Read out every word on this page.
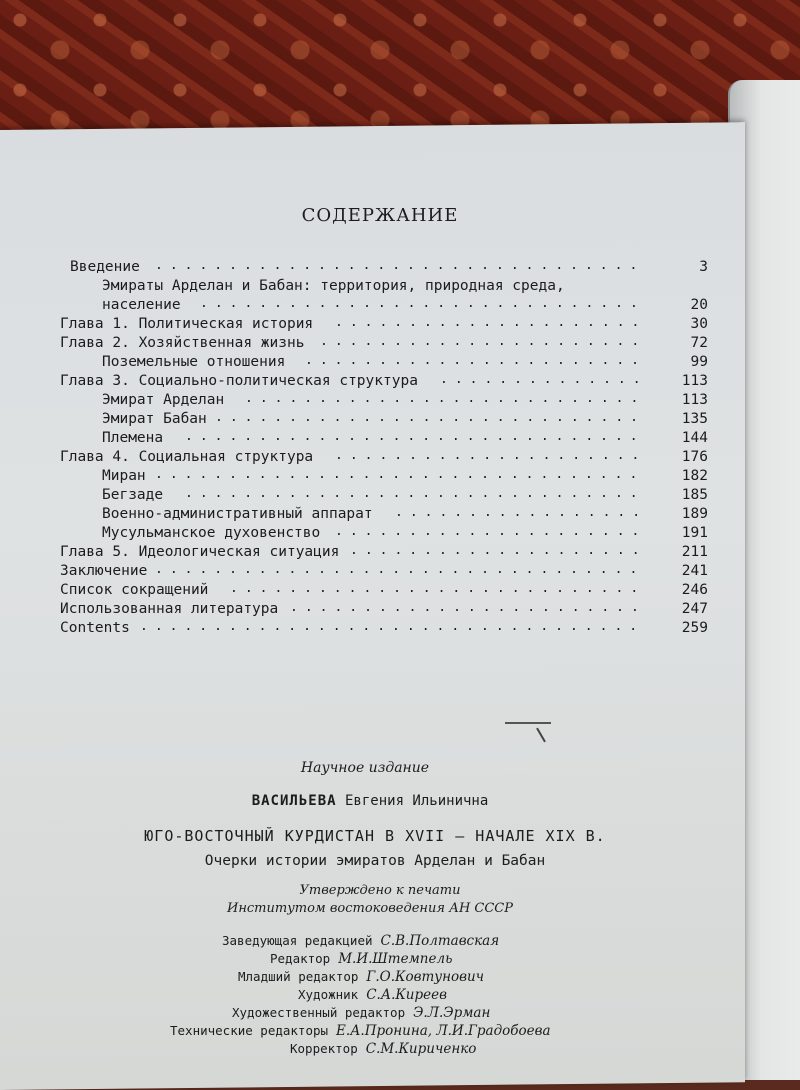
СОДЕРЖАНИЕ
Введение .................................	3
Эмираты Арделан и Бабан: территория, природная среда,
население ..............................	20
Глава 1. Политическая история .....................	30
Глава 2. Хозяйственная жизнь ......................	72
Поземельные отношения .......................	99
Глава 3. Социально-политическая структура .............. 113
Эмират Арделан ...........................	113
Эмират Бабан .............................	135
Племена ...............................	144
Глава 4. Социальная структура ..................... 176
Миран .................................	182
Бегзаде ...............................	185
Военно-административный аппарат ................. 189
Мусульманское духовенство ..................... 191
Глава 5. Идеологическая ситуация .................... 211
Заключение .................................	241
Список сокращений ............................	246
Использованная литература ........................ 247
Contents ..................................	259
Научное издание
ВАСИЛЬЕВА Евгения Ильинична
ЮГО-ВОСТОЧНЫЙ КУРДИСТАН В XVII – НАЧАЛЕ XIX В.
Очерки истории эмиратов Арделан и Бабан
Утверждено к печати
Институтом востоковедения АН СССР
Заведующая редакцией С.В.Полтавская
Редактор М.И.Штемпель
Младший редактор Г.О.Ковтунович
Художник С.А.Киреев
Художественный редактор Э.Л.Эрман
Технические редакторы Е.А.Пронина, Л.И.Градобоева
Корректор С.М.Кириченко
